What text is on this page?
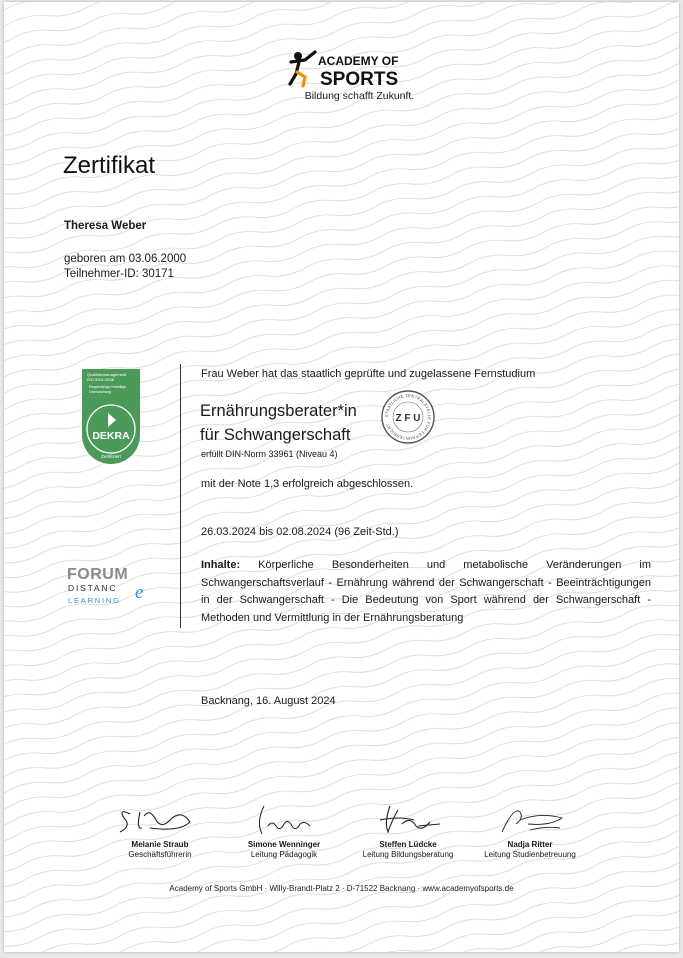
ACADEMY OF
SPORTS
Bildung schafft Zukunft.
Zertifikat
Theresa Weber
geboren am 03.06.2000
Teilnehmer-ID: 30171
Qualitätsmanagement
ISO 9001:2008
Regelmäßige freiwillige
Überwachung
DEKRA
Zertifiziert
FORUM
DISTANC e
LEARNING
Frau Weber hat das staatlich geprüfte und zugelassene Fernstudium
Ernährungsberater*in
für Schwangerschaft
erfüllt DIN-Norm 33961 (Niveau 4)
STAATLICHE ZENTRALSTELLE FÜR FERNUNTERRICHT
Z F U
mit der Note 1,3 erfolgreich abgeschlossen.
26.03.2024 bis 02.08.2024 (96 Zeit-Std.)
Inhalte: Körperliche Besonderheiten und metabolische Veränderungen im Schwangerschaftsverlauf - Ernährung während der Schwangerschaft - Beeinträchtigungen in der Schwangerschaft - Die Bedeutung von Sport während der Schwangerschaft - Methoden und Vermittlung in der Ernährungsberatung
Backnang, 16. August 2024
Melanie Straub
Geschäftsführerin
Simone Wenninger
Leitung Pädagogik
Steffen Lüdcke
Leitung Bildungsberatung
Nadja Ritter
Leitung Studienbetreuung
Academy of Sports GmbH · Willy-Brandt-Platz 2 · D-71522 Backnang · www.academyofsports.de
